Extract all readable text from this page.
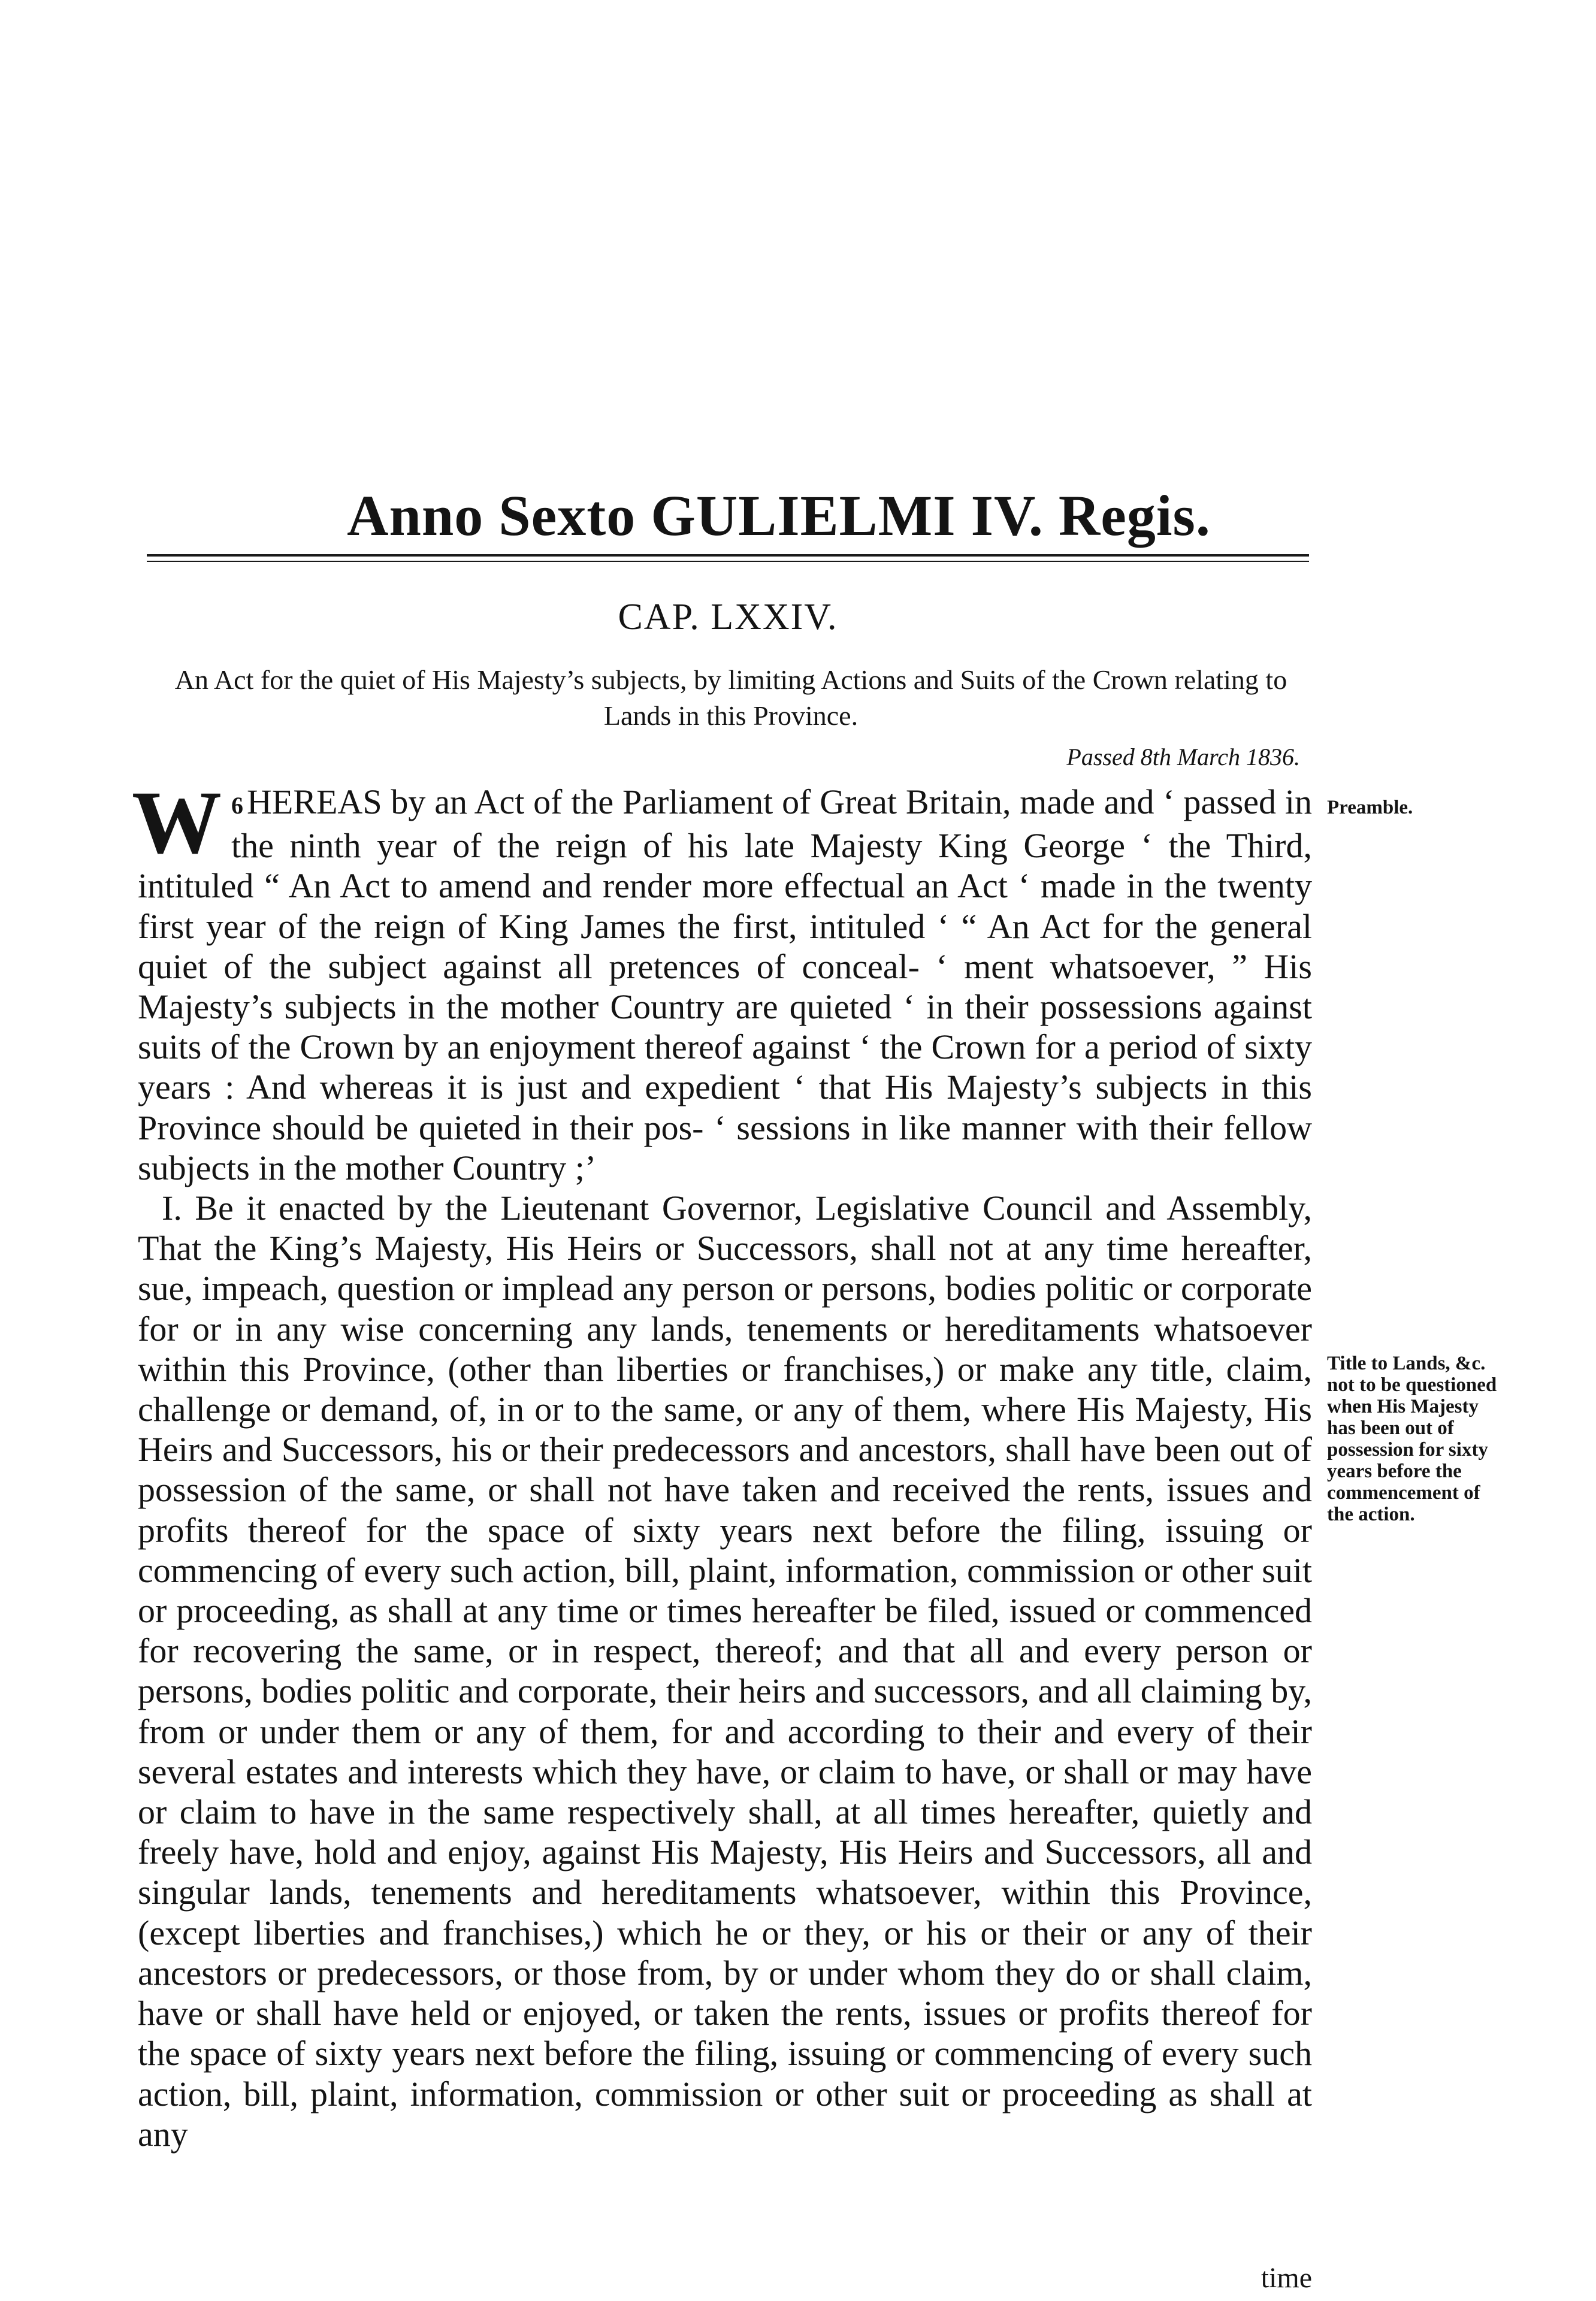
Anno Sexto GULIELMI IV. Regis.
CAP. LXXIV.
An Act for the quiet of His Majesty’s subjects, by limiting Actions and Suits of the Crown relating to Lands in this Province.
Passed 8th March 1836.

6
W HEREAS by an Act of the Parliament of Great Britain, made and ‘ passed in the ninth year of the reign of his late Majesty King George ‘ the Third, intituled “ An Act to amend and render more effectual an Act ‘ made in the twenty first year of the reign of King James the first, intituled ‘ “ An Act for the general quiet of the subject against all pretences of conceal- ‘ ment whatsoever, ” His Majesty’s subjects in the mother Country are quieted ‘ in their possessions against suits of the Crown by an enjoyment thereof against ‘ the Crown for a period of sixty years : And whereas it is just and expedient ‘ that His Majesty’s subjects in this Province should be quieted in their pos- ‘ sessions in like manner with their fellow subjects in the mother Country ;’

I. Be it enacted by the Lieutenant Governor, Legislative Council and Assembly, That the King’s Majesty, His Heirs or Successors, shall not at any time hereafter, sue, impeach, question or implead any person or persons, bodies politic or corporate for or in any wise concerning any lands, tenements or hereditaments whatsoever within this Province, (other than liberties or franchises,) or make any title, claim, challenge or demand, of, in or to the same, or any of them, where His Majesty, His Heirs and Successors, his or their predecessors and ancestors, shall have been out of possession of the same, or shall not have taken and received the rents, issues and profits thereof for the space of sixty years next before the filing, issuing or commencing of every such action, bill, plaint, information, commission or other suit or proceeding, as shall at any time or times hereafter be filed, issued or commenced for recovering the same, or in respect, thereof; and that all and every person or persons, bodies politic and corporate, their heirs and successors, and all claiming by, from or under them or any of them, for and according to their and every of their several estates and interests which they have, or claim to have, or shall or may have or claim to have in the same respectively shall, at all times hereafter, quietly and freely have, hold and enjoy, against His Majesty, His Heirs and Successors, all and singular lands, tenements and hereditaments whatsoever, within this Province, (except liberties and franchises,) which he or they, or his or their or any of their ancestors or predecessors, or those from, by or under whom they do or shall claim, have or shall have held or enjoyed, or taken the rents, issues or profits thereof for the space of sixty years next before the filing, issuing or commencing of every such action, bill, plaint, information, commission or other suit or proceeding as shall at any

time
Preamble.
Title to Lands, &c. not to be questioned when His Majesty has been out of possession for sixty years before the commencement of the action.
